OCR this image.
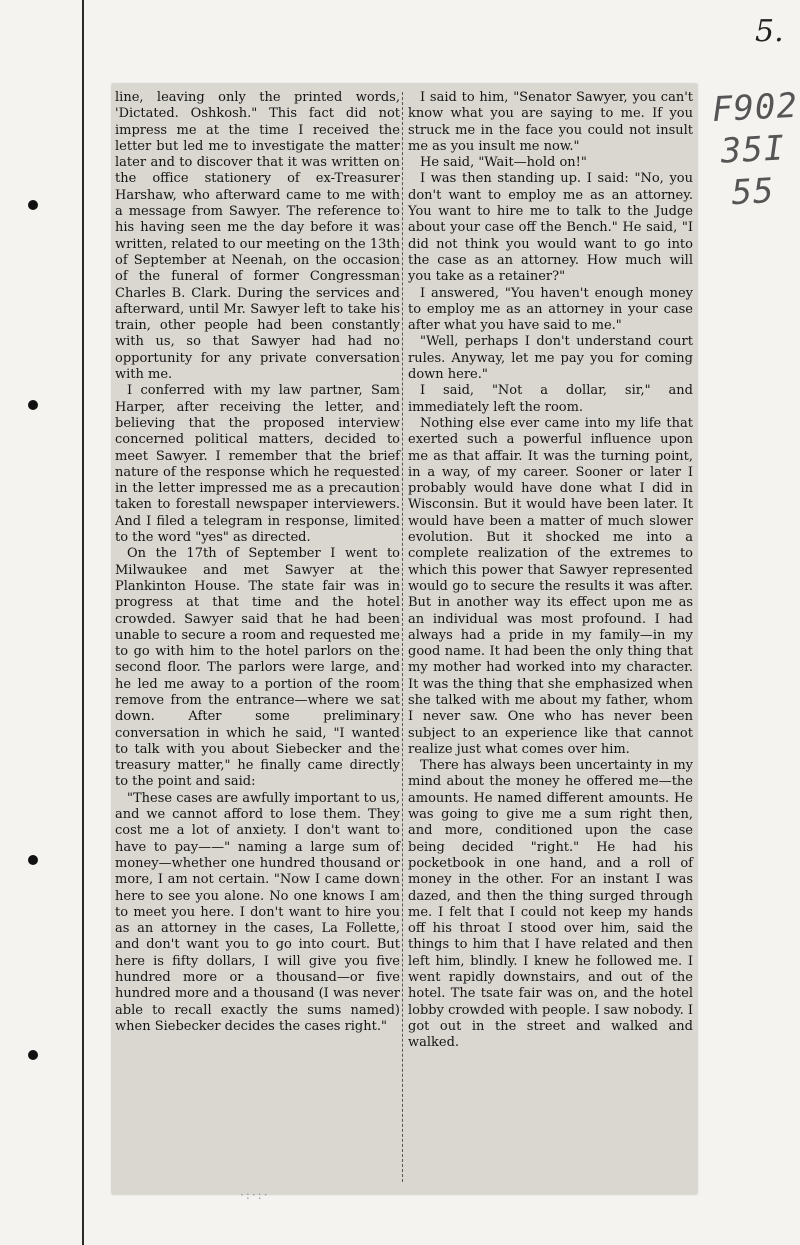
5.
F902
35I
55

line, leaving only the printed words, 'Dictated. Oshkosh." This fact did not impress me at the time I received the letter but led me to investigate the matter later and to discover that it was written on the office stationery of ex-Treasurer Harshaw, who afterward came to me with a message from Sawyer. The reference to his having seen me the day before it was written, related to our meeting on the 13th of September at Neenah, on the occasion of the funeral of former Congressman Charles B. Clark. During the services and afterward, until Mr. Sawyer left to take his train, other people had been constantly with us, so that Sawyer had had no opportunity for any private conversation with me.

I conferred with my law partner, Sam Harper, after receiving the letter, and believing that the proposed interview concerned political matters, decided to meet Sawyer. I remember that the brief nature of the response which he requested in the letter impressed me as a precaution taken to forestall newspaper interviewers. And I filed a telegram in response, limited to the word "yes" as directed.

On the 17th of September I went to Milwaukee and met Sawyer at the Plankinton House. The state fair was in progress at that time and the hotel crowded. Sawyer said that he had been unable to secure a room and requested me to go with him to the hotel parlors on the second floor. The parlors were large, and he led me away to a portion of the room remove from the entrance—where we sat down. After some preliminary conversation in which he said, "I wanted to talk with you about Siebecker and the treasury matter," he finally came directly to the point and said:

"These cases are awfully important to us, and we cannot afford to lose them. They cost me a lot of anxiety. I don't want to have to pay——" naming a large sum of money—whether one hundred thousand or more, I am not certain. "Now I came down here to see you alone. No one knows I am to meet you here. I don't want to hire you as an attorney in the cases, La Follette, and don't want you to go into court. But here is fifty dollars, I will give you five hundred more or a thousand—or five hundred more and a thousand (I was never able to recall exactly the sums named) when Siebecker decides the cases right."

I said to him, "Senator Sawyer, you can't know what you are saying to me. If you struck me in the face you could not insult me as you insult me now."

He said, "Wait—hold on!"

I was then standing up. I said: "No, you don't want to employ me as an attorney. You want to hire me to talk to the Judge about your case off the Bench." He said, "I did not think you would want to go into the case as an attorney. How much will you take as a retainer?"

I answered, "You haven't enough money to employ me as an attorney in your case after what you have said to me."

"Well, perhaps I don't understand court rules. Anyway, let me pay you for coming down here."

I said, "Not a dollar, sir," and immediately left the room.

Nothing else ever came into my life that exerted such a powerful influence upon me as that affair. It was the turning point, in a way, of my career. Sooner or later I probably would have done what I did in Wisconsin. But it would have been later. It would have been a matter of much slower evolution. But it shocked me into a complete realization of the extremes to which this power that Sawyer represented would go to secure the results it was after. But in another way its effect upon me as an individual was most profound. I had always had a pride in my family—in my good name. It had been the only thing that my mother had worked into my character. It was the thing that she emphasized when she talked with me about my father, whom I never saw. One who has never been subject to an experience like that cannot realize just what comes over him.

There has always been uncertainty in my mind about the money he offered me—the amounts. He named different amounts. He was going to give me a sum right then, and more, conditioned upon the case being decided "right." He had his pocketbook in one hand, and a roll of money in the other. For an instant I was dazed, and then the thing surged through me. I felt that I could not keep my hands off his throat I stood over him, said the things to him that I have related and then left him, blindly. I knew he followed me. I went rapidly downstairs, and out of the hotel. The tsate fair was on, and the hotel lobby crowded with people. I saw nobody. I got out in the street and walked and walked.

·:·:·
